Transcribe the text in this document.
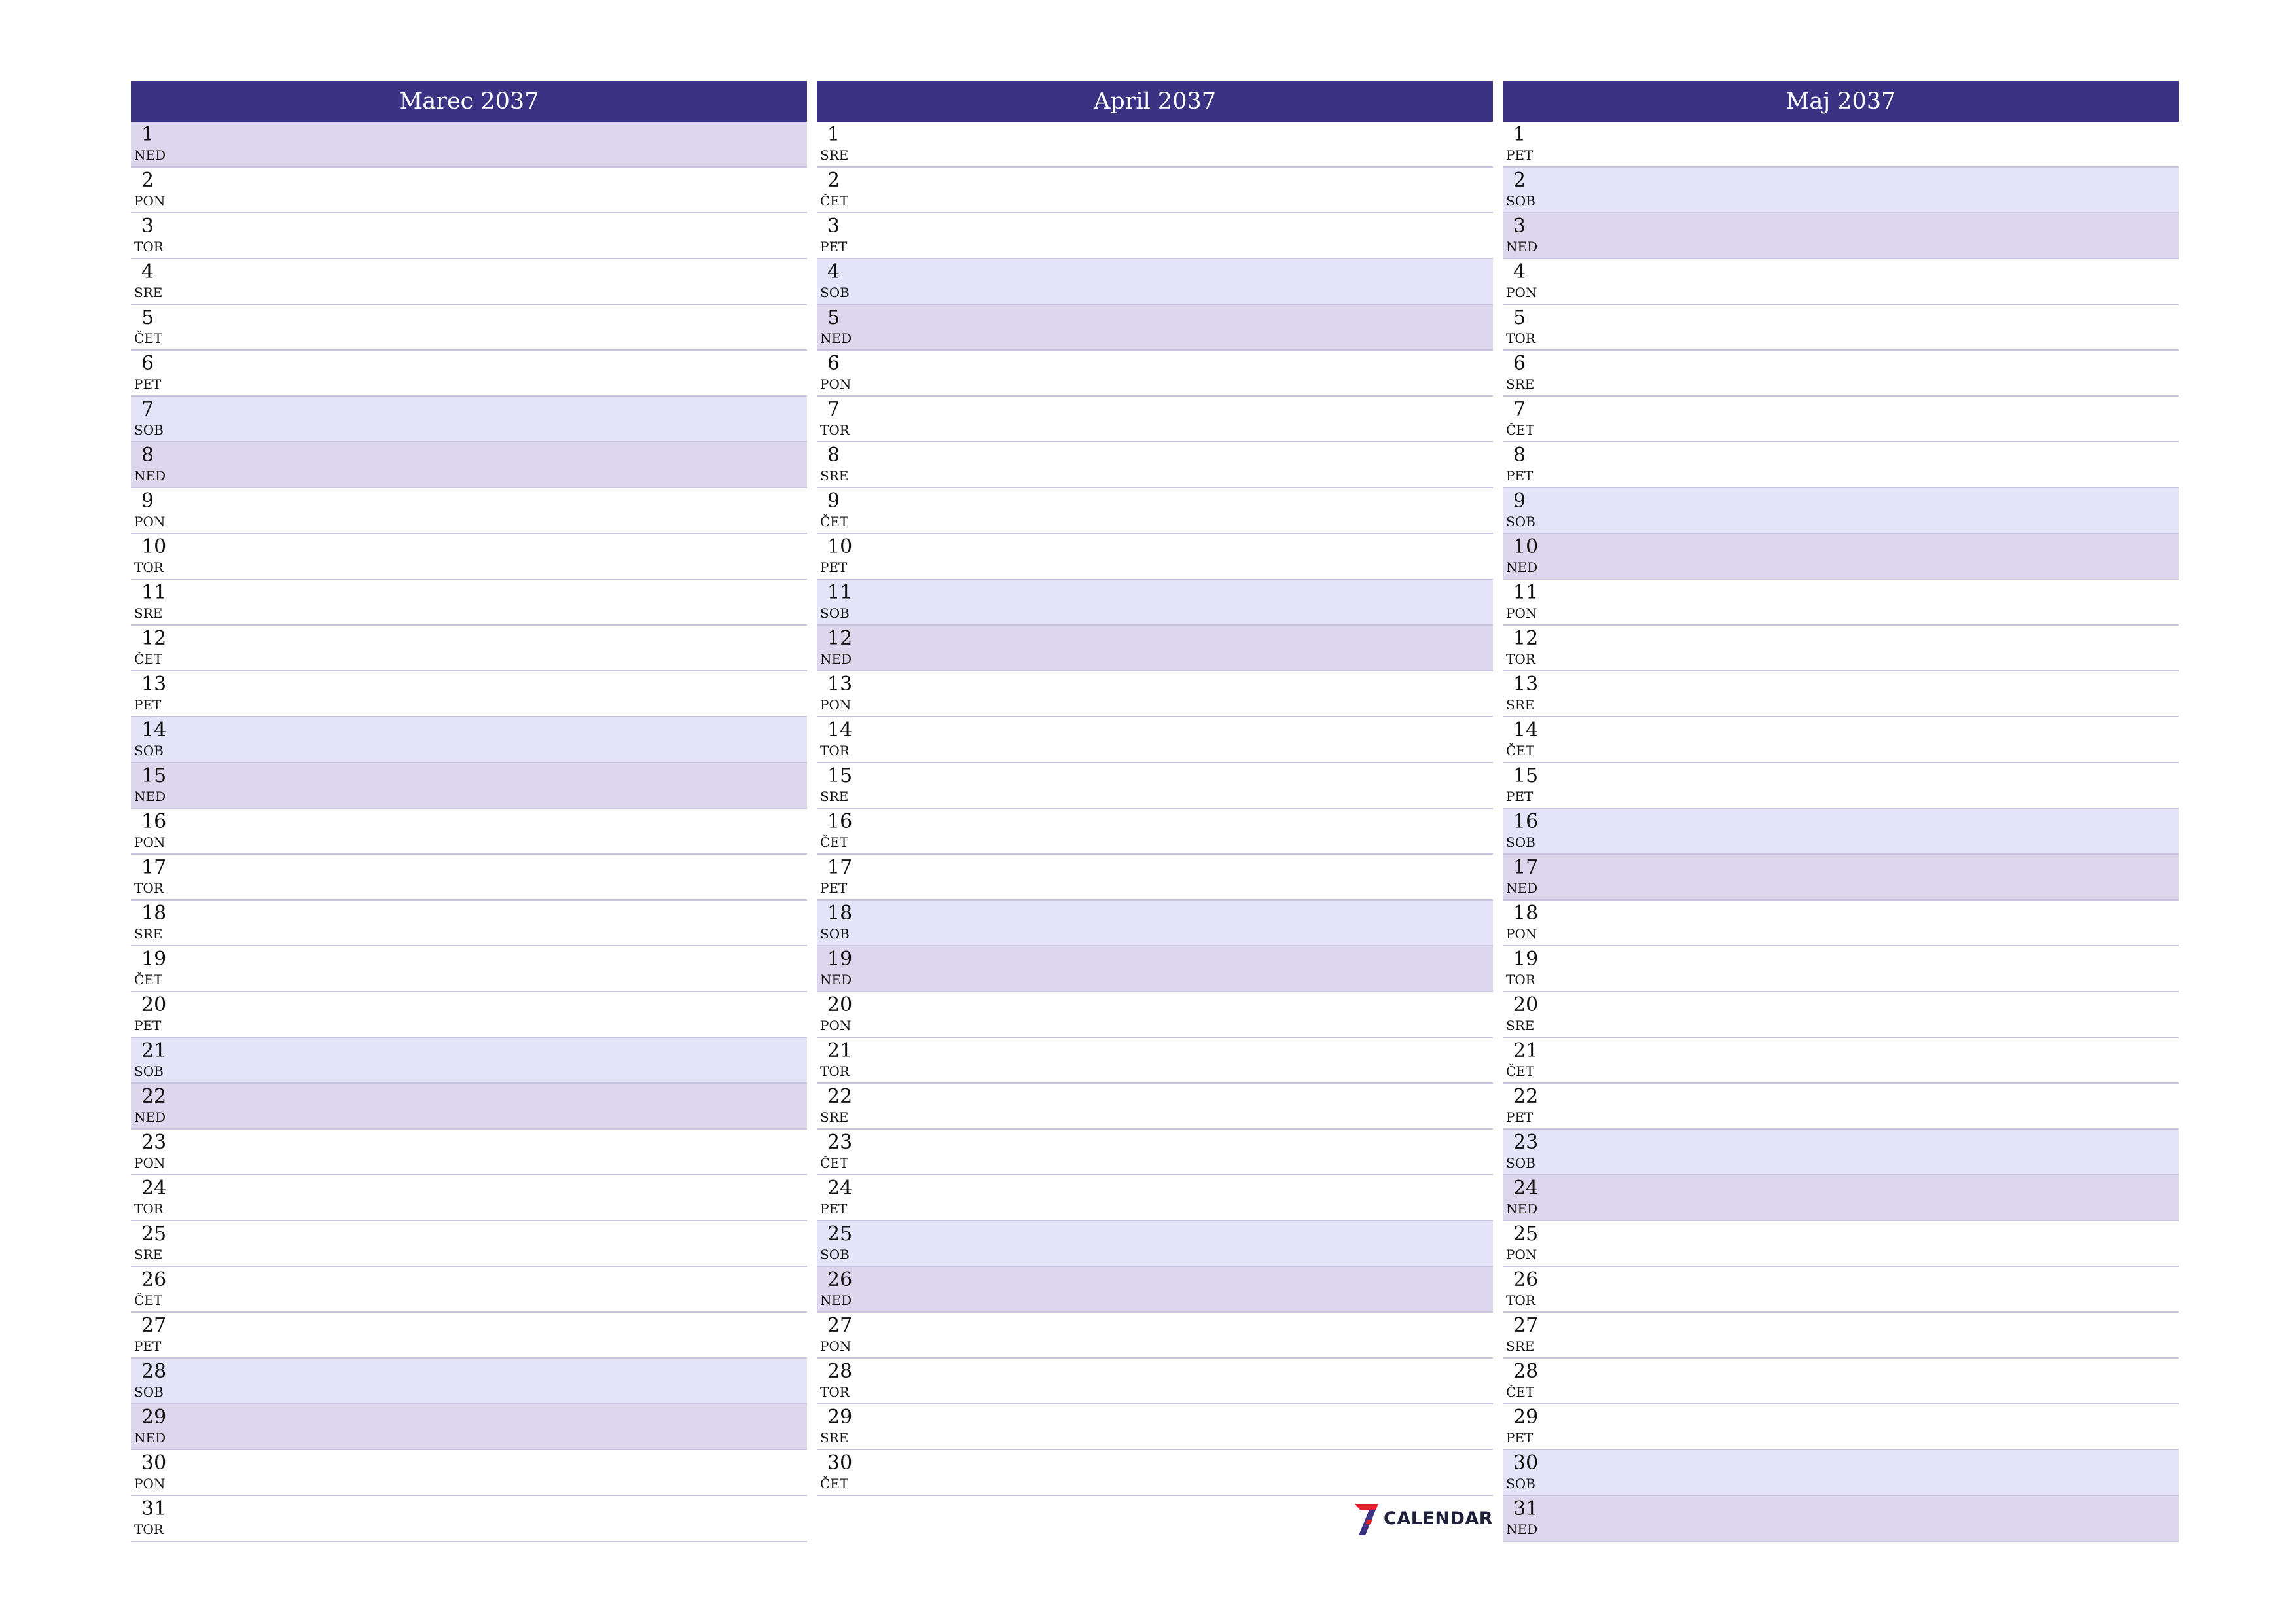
Marec 2037
1
NED
2
PON
3
TOR
4
SRE
5
ČET
6
PET
7
SOB
8
NED
9
PON
10
TOR
11
SRE
12
ČET
13
PET
14
SOB
15
NED
16
PON
17
TOR
18
SRE
19
ČET
20
PET
21
SOB
22
NED
23
PON
24
TOR
25
SRE
26
ČET
27
PET
28
SOB
29
NED
30
PON
31
TOR
April 2037
1
SRE
2
ČET
3
PET
4
SOB
5
NED
6
PON
7
TOR
8
SRE
9
ČET
10
PET
11
SOB
12
NED
13
PON
14
TOR
15
SRE
16
ČET
17
PET
18
SOB
19
NED
20
PON
21
TOR
22
SRE
23
ČET
24
PET
25
SOB
26
NED
27
PON
28
TOR
29
SRE
30
ČET
Maj 2037
1
PET
2
SOB
3
NED
4
PON
5
TOR
6
SRE
7
ČET
8
PET
9
SOB
10
NED
11
PON
12
TOR
13
SRE
14
ČET
15
PET
16
SOB
17
NED
18
PON
19
TOR
20
SRE
21
ČET
22
PET
23
SOB
24
NED
25
PON
26
TOR
27
SRE
28
ČET
29
PET
30
SOB
31
NED
CALENDAR
